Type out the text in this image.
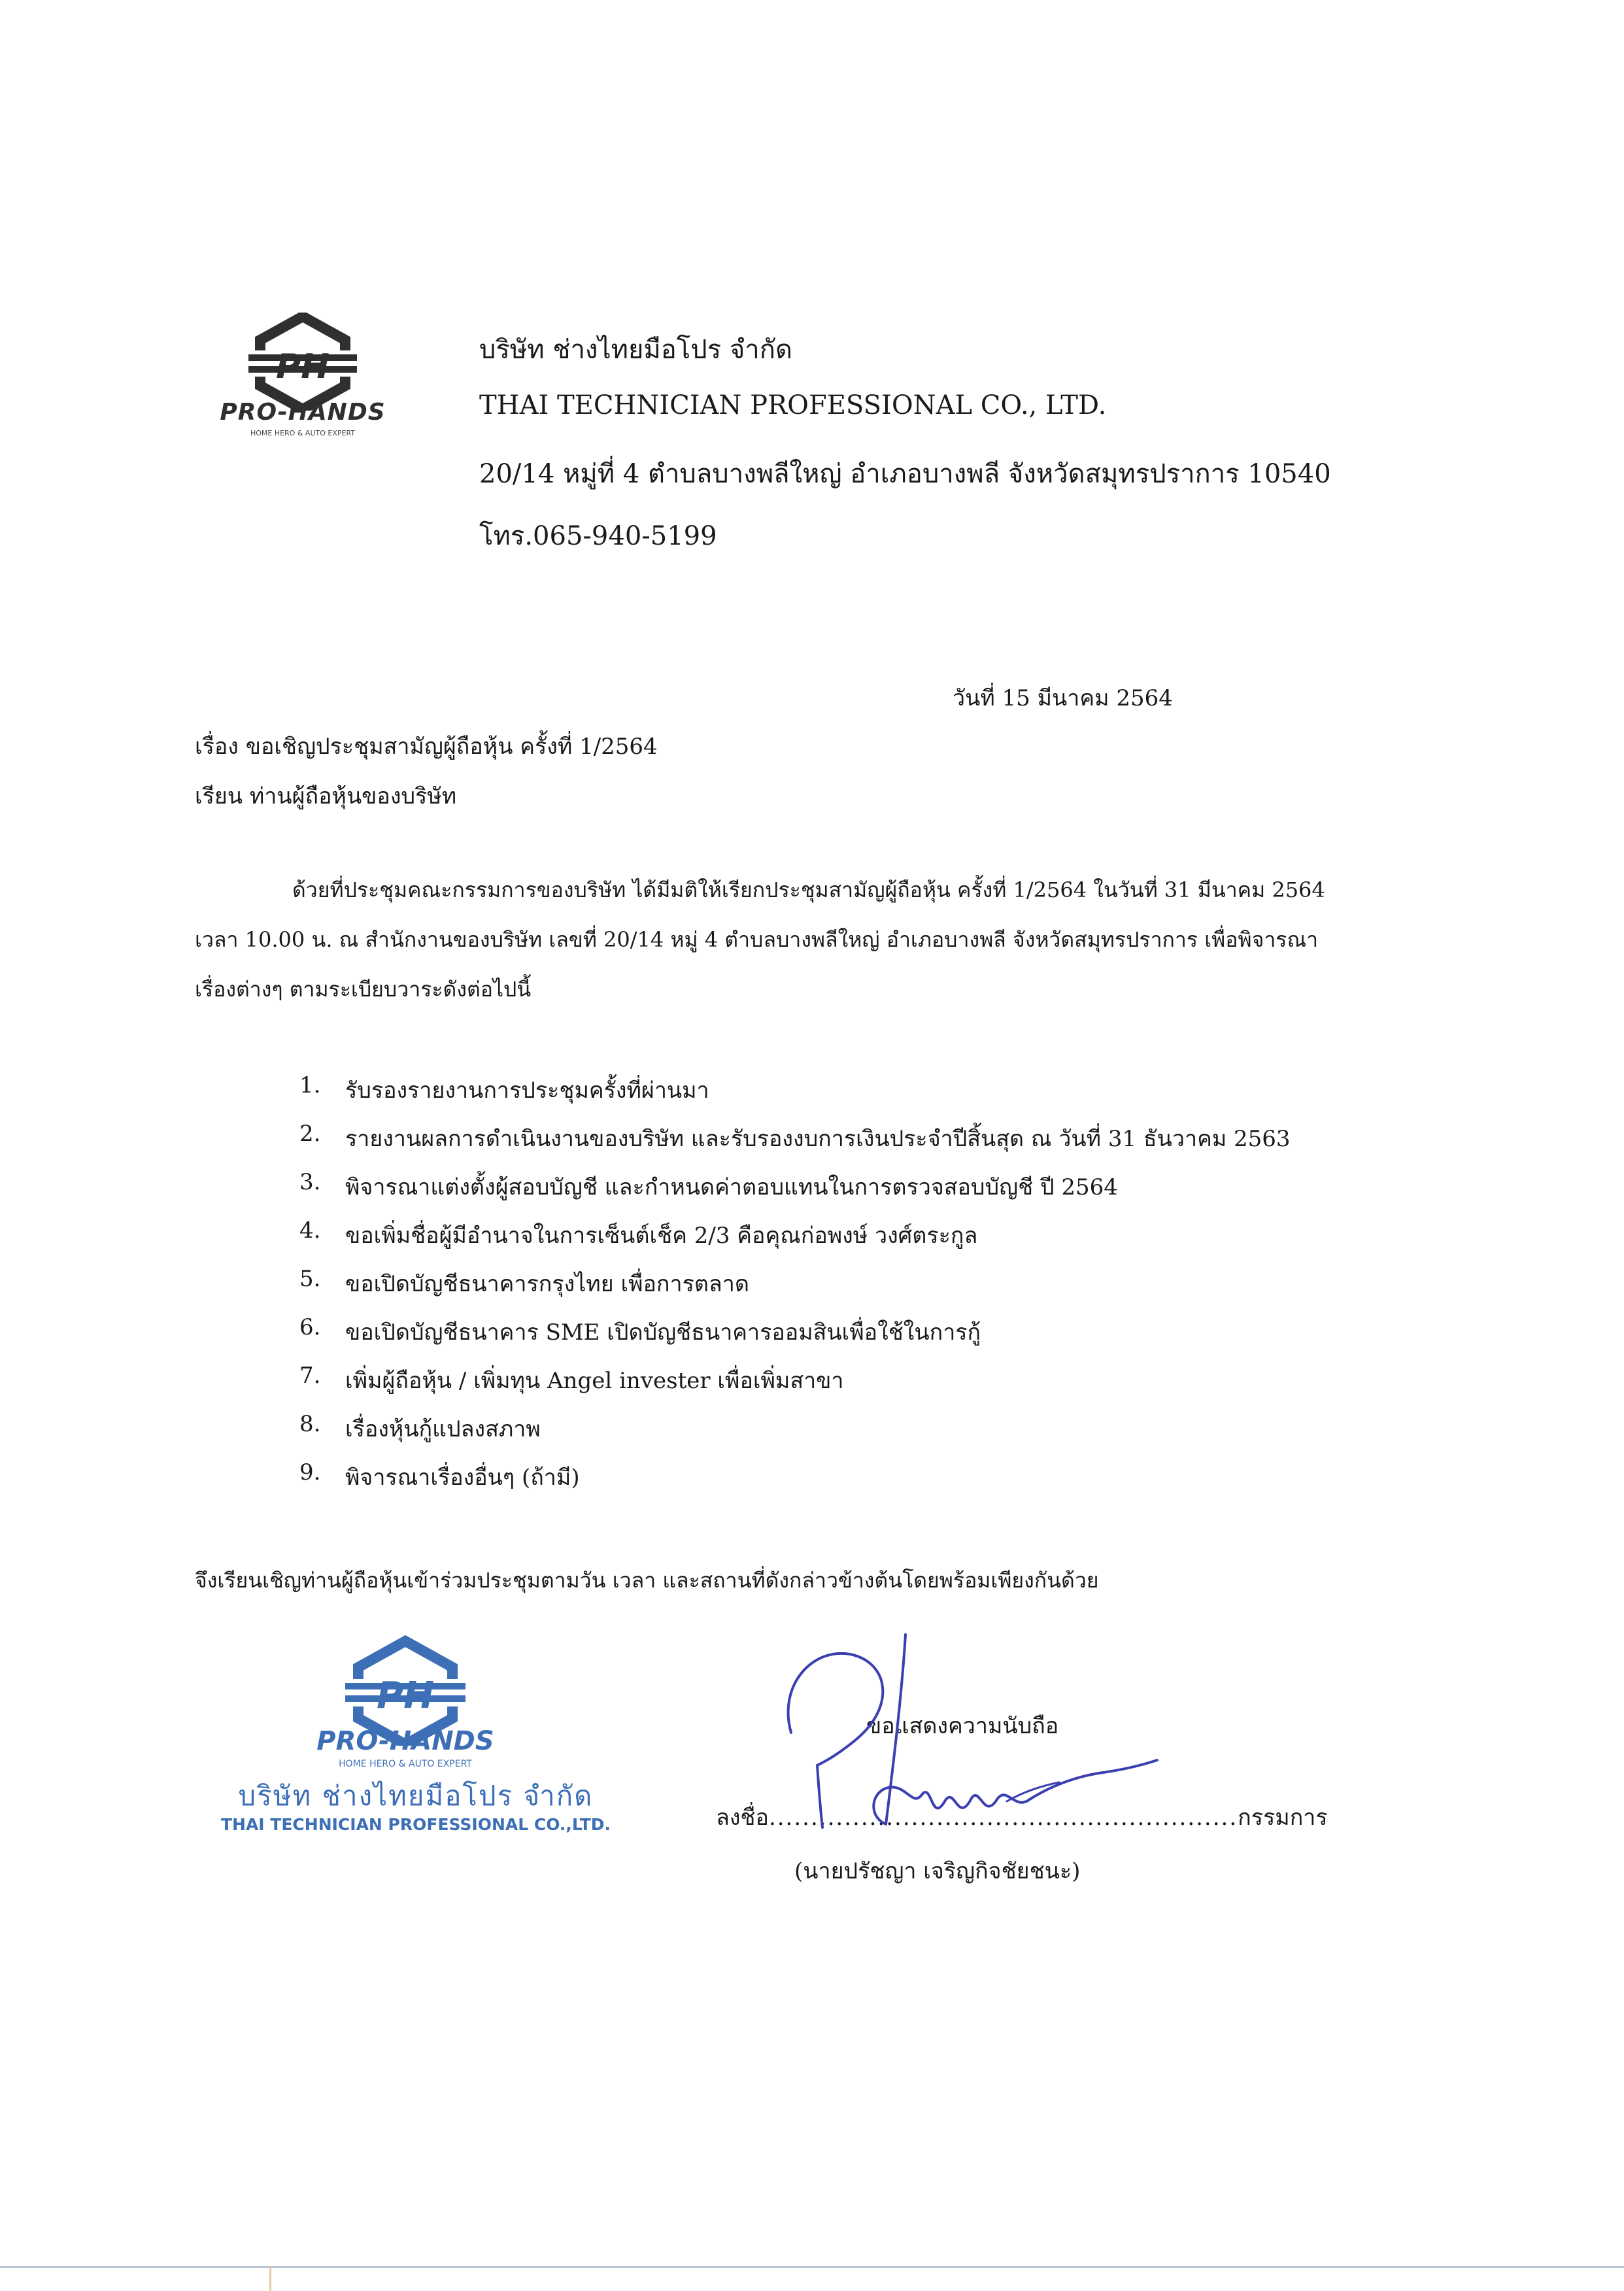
PH
PRO-HANDS
HOME HERO & AUTO EXPERT
บริษัท ช่างไทยมือโปร จำกัด
THAI TECHNICIAN PROFESSIONAL CO., LTD.
20/14 หมู่ที่ 4 ตำบลบางพลีใหญ่ อำเภอบางพลี จังหวัดสมุทรปราการ 10540
โทร.065-940-5199
วันที่ 15 มีนาคม 2564
เรื่อง ขอเชิญประชุมสามัญผู้ถือหุ้น ครั้งที่ 1/2564
เรียน ท่านผู้ถือหุ้นของบริษัท
ด้วยที่ประชุมคณะกรรมการของบริษัท ได้มีมติให้เรียกประชุมสามัญผู้ถือหุ้น ครั้งที่ 1/2564 ในวันที่ 31 มีนาคม 2564
เวลา 10.00 น. ณ สำนักงานของบริษัท เลขที่ 20/14 หมู่ 4 ตำบลบางพลีใหญ่ อำเภอบางพลี จังหวัดสมุทรปราการ เพื่อพิจารณา
เรื่องต่างๆ ตามระเบียบวาระดังต่อไปนี้
1. รับรองรายงานการประชุมครั้งที่ผ่านมา
2. รายงานผลการดำเนินงานของบริษัท และรับรองงบการเงินประจำปีสิ้นสุด ณ วันที่ 31 ธันวาคม 2563
3. พิจารณาแต่งตั้งผู้สอบบัญชี และกำหนดค่าตอบแทนในการตรวจสอบบัญชี ปี 2564
4. ขอเพิ่มชื่อผู้มีอำนาจในการเซ็นต์เช็ค 2/3 คือคุณก่อพงษ์ วงศ์ตระกูล
5. ขอเปิดบัญชีธนาคารกรุงไทย เพื่อการตลาด
6. ขอเปิดบัญชีธนาคาร SME เปิดบัญชีธนาคารออมสินเพื่อใช้ในการกู้
7. เพิ่มผู้ถือหุ้น / เพิ่มทุน Angel invester เพื่อเพิ่มสาขา
8. เรื่องหุ้นกู้แปลงสภาพ
9. พิจารณาเรื่องอื่นๆ (ถ้ามี)
จึงเรียนเชิญท่านผู้ถือหุ้นเข้าร่วมประชุมตามวัน เวลา และสถานที่ดังกล่าวข้างต้นโดยพร้อมเพียงกันด้วย
PH
PRO-HANDS
HOME HERO & AUTO EXPERT
บริษัท ช่างไทยมือโปร จำกัด
THAI TECHNICIAN PROFESSIONAL CO.,LTD.
ขอแสดงความนับถือ
ลงชื่อ........................................................กรรมการ
(นายปรัชญา เจริญกิจชัยชนะ)
